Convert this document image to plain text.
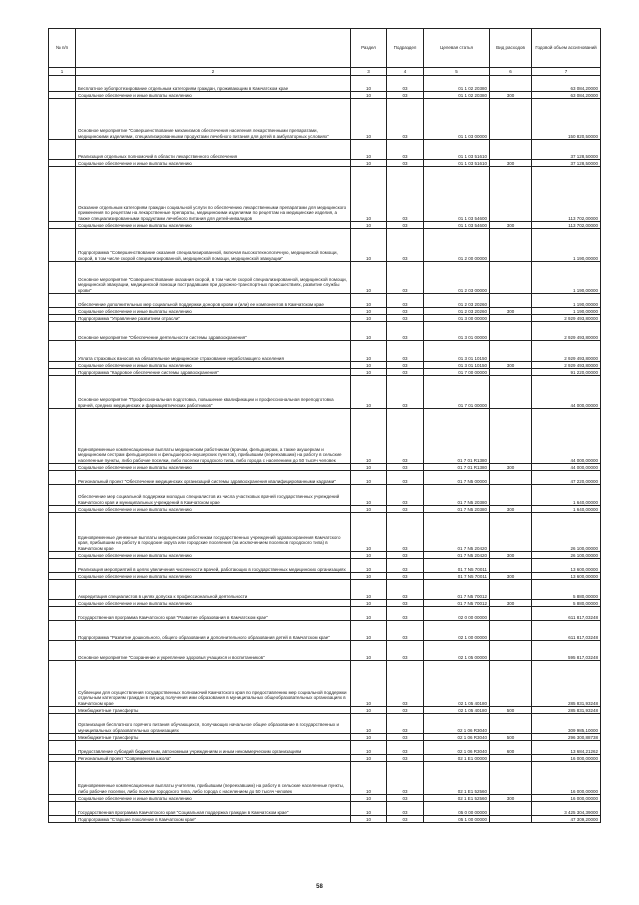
№ п/п		Раздел	Подраздел	Целевая статья	Вид расходов	Годовой объем ассигнований
1	2	3	4	5	6	7
	Бесплатное зубопротезирование отдельным категориям граждан, проживающим в Камчатском крае	10	03	01 1 02 20380		63 084,20000
	Социальное обеспечение и иные выплаты населению	10	03	01 1 02 20380	300	63 084,20000
	Основное мероприятие "Совершенствование механизмов обеспечения населения лекарственными препаратами, медицинскими изделиями, специализированными продуктами лечебного питания для детей в амбулаторных условиях"	10	03	01 1 03 00000		150 820,50000
	Реализация отдельных полномочий в области лекарственного обеспечения	10	03	01 1 03 51610		37 128,50000
	Социальное обеспечение и иные выплаты населению	10	03	01 1 03 51610	300	37 128,50000
	Оказание отдельным категориям граждан социальной услуги по обеспечению лекарственными препаратами для медицинского применения по рецептам на лекарственные препараты, медицинскими изделиями по рецептам на медицинские изделия, а также специализированными продуктами лечебного питания для детей-инвалидов	10	03	01 1 03 54600		113 702,00000
	Социальное обеспечение и иные выплаты населению	10	03	01 1 03 54600	300	113 702,00000
	Подпрограмма "Совершенствование оказания специализированной, включая высокотехнологичную, медицинской помощи, скорой, в том числе скорой специализированной, медицинской помощи, медицинской эвакуации"	10	03	01 2 00 00000		1 190,00000
	Основное мероприятие "Совершенствование оказания скорой, в том числе скорой специализированной, медицинской помощи, медицинской эвакуации, медицинской помощи пострадавшим при дорожно-транспортных происшествиях, развитие службы крови"	10	03	01 2 03 00000		1 190,00000
	Обеспечение дополнительных мер социальной поддержки доноров крови и (или) ее компонентов в Камчатском крае	10	03	01 2 03 20260		1 190,00000
	Социальное обеспечение и иные выплаты населению	10	03	01 2 03 20260	300	1 190,00000
	Подпрограмма "Управление развитием отрасли"	10	03	01 3 00 00000		2 929 493,80000
	Основное мероприятие "Обеспечение деятельности системы здравоохранения"	10	03	01 3 01 00000		2 929 493,80000
	Уплата страховых взносов на обязательное медицинское страхование неработающего населения	10	03	01 3 01 10150		2 929 493,80000
	Социальное обеспечение и иные выплаты населению	10	03	01 3 01 10150	300	2 929 493,80000
	Подпрограмма "Кадровое обеспечение системы здравоохранения"	10	03	01 7 00 00000		91 220,00000
	Основное мероприятие "Профессиональная подготовка, повышение квалификации и профессиональная переподготовка врачей, средних медицинских и фармацевтических работников"	10	03	01 7 01 00000		44 000,00000
	Единовременные компенсационные выплаты медицинским работникам (врачам, фельдшерам, а также акушеркам и медицинским сестрам фельдшерских и фельдшерско-акушерских пунктов), прибывшим (переехавшим) на работу в сельские населенные пункты, либо рабочие поселки, либо поселки городского типа, либо города с населением до 50 тысяч человек	10	03	01 7 01 R1380		44 000,00000
	Социальное обеспечение и иные выплаты населению	10	03	01 7 01 R1380	300	44 000,00000
	Региональный проект "Обеспечение медицинских организаций системы здравоохранения квалифицированными кадрами"	10	03	01 7 N5 00000		47 220,00000
	Обеспечение мер социальной поддержки молодых специалистов из числа участковых врачей государственных учреждений Камчатского края и муниципальных учреждений в Камчатском крае	10	03	01 7 N5 20380		1 640,00000
	Социальное обеспечение и иные выплаты населению	10	03	01 7 N5 20380	300	1 640,00000
	Единовременные денежные выплаты медицинским работникам государственных учреждений здравоохранения Камчатского края, прибывшим на работу в городские округа или городские поселения (за исключением поселков городского типа) в Камчатском крае	10	03	01 7 N5 20420		26 100,00000
	Социальное обеспечение и иные выплаты населению	10	03	01 7 N5 20420	300	26 100,00000
	Реализация мероприятий в целях увеличения численности врачей, работающих в государственных медицинских организациях	10	03	01 7 N5 70011		13 600,00000
	Социальное обеспечение и иные выплаты населению	10	03	01 7 N5 70011	300	13 600,00000
	Аккредитация специалистов в целях допуска к профессиональной деятельности	10	03	01 7 N5 70012		5 880,00000
	Социальное обеспечение и иные выплаты населению	10	03	01 7 N5 70012	300	5 880,00000
	Государственная программа Камчатского края "Развитие образования в Камчатском крае"	10	03	02 0 00 00000		611 817,03248
	Подпрограмма "Развитие дошкольного, общего образования и дополнительного образования детей в Камчатском крае"	10	03	02 1 00 00000		611 817,03248
	Основное мероприятие "Сохранение и укрепление здоровья учащихся и воспитанников"	10	03	02 1 05 00000		595 817,03248
	Субвенции для осуществления государственных полномочий Камчатского края по предоставлению мер социальной поддержки отдельным категориям граждан в период получения ими образования в муниципальных общеобразовательных организациях в Камчатском крае	10	03	02 1 05 40180		285 831,93248
	Межбюджетные трансферты	10	03	02 1 05 40180	500	285 831,93248
	Организация бесплатного горячего питания обучающихся, получающих начальное общее образование в государственных и муниципальных образовательных организациях	10	03	02 1 06 R3040		309 985,10000
	Межбюджетные трансферты	10	03	02 1 06 R3040	500	296 300,88738
	Предоставление субсидий бюджетным, автономным учреждениям и иным некоммерческим организациям	10	03	02 1 06 R3040	600	13 684,21262
	Региональный проект "Современная школа"	10	03	02 1 E1 00000		16 000,00000
	Единовременные компенсационные выплаты учителям, прибывшим (переехавшим) на работу в сельские населенные пункты, либо рабочие поселки, либо поселки городского типа, либо города с населением до 50 тысяч человек	10	03	02 1 E1 52560		16 000,00000
	Социальное обеспечение и иные выплаты населению	10	03	02 1 E1 52560	300	16 000,00000
	Государственная программа Камчатского края "Социальная поддержка граждан в Камчатском крае"	10	03	05 0 00 00000		3 425 304,39000
	Подпрограмма "Старшее поколение в Камчатском крае"	10	03	05 1 00 00000		47 309,20000
58
